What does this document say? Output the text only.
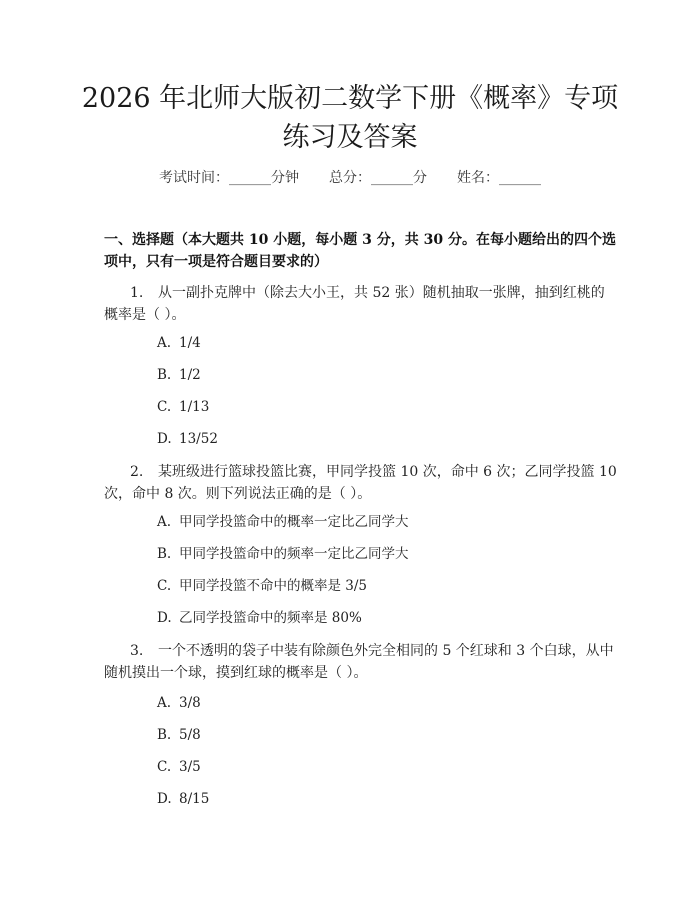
2026 年北师大版初二数学下册《概率》专项
练习及答案
考试时间：______分钟 总分：______分 姓名：______
一、选择题（本大题共 10 小题，每小题 3 分，共 30 分。在每小题给出的四个选
项中，只有一项是符合题目要求的）
1. 从一副扑克牌中（除去大小王，共 52 张）随机抽取一张牌，抽到红桃的
概率是（ ）。
A. 1/4
B. 1/2
C. 1/13
D. 13/52
2. 某班级进行篮球投篮比赛，甲同学投篮 10 次，命中 6 次；乙同学投篮 10
次，命中 8 次。则下列说法正确的是（ ）。
A. 甲同学投篮命中的概率一定比乙同学大
B. 甲同学投篮命中的频率一定比乙同学大
C. 甲同学投篮不命中的概率是 3/5
D. 乙同学投篮命中的频率是 80%
3. 一个不透明的袋子中装有除颜色外完全相同的 5 个红球和 3 个白球，从中
随机摸出一个球，摸到红球的概率是（ ）。
A. 3/8
B. 5/8
C. 3/5
D. 8/15
